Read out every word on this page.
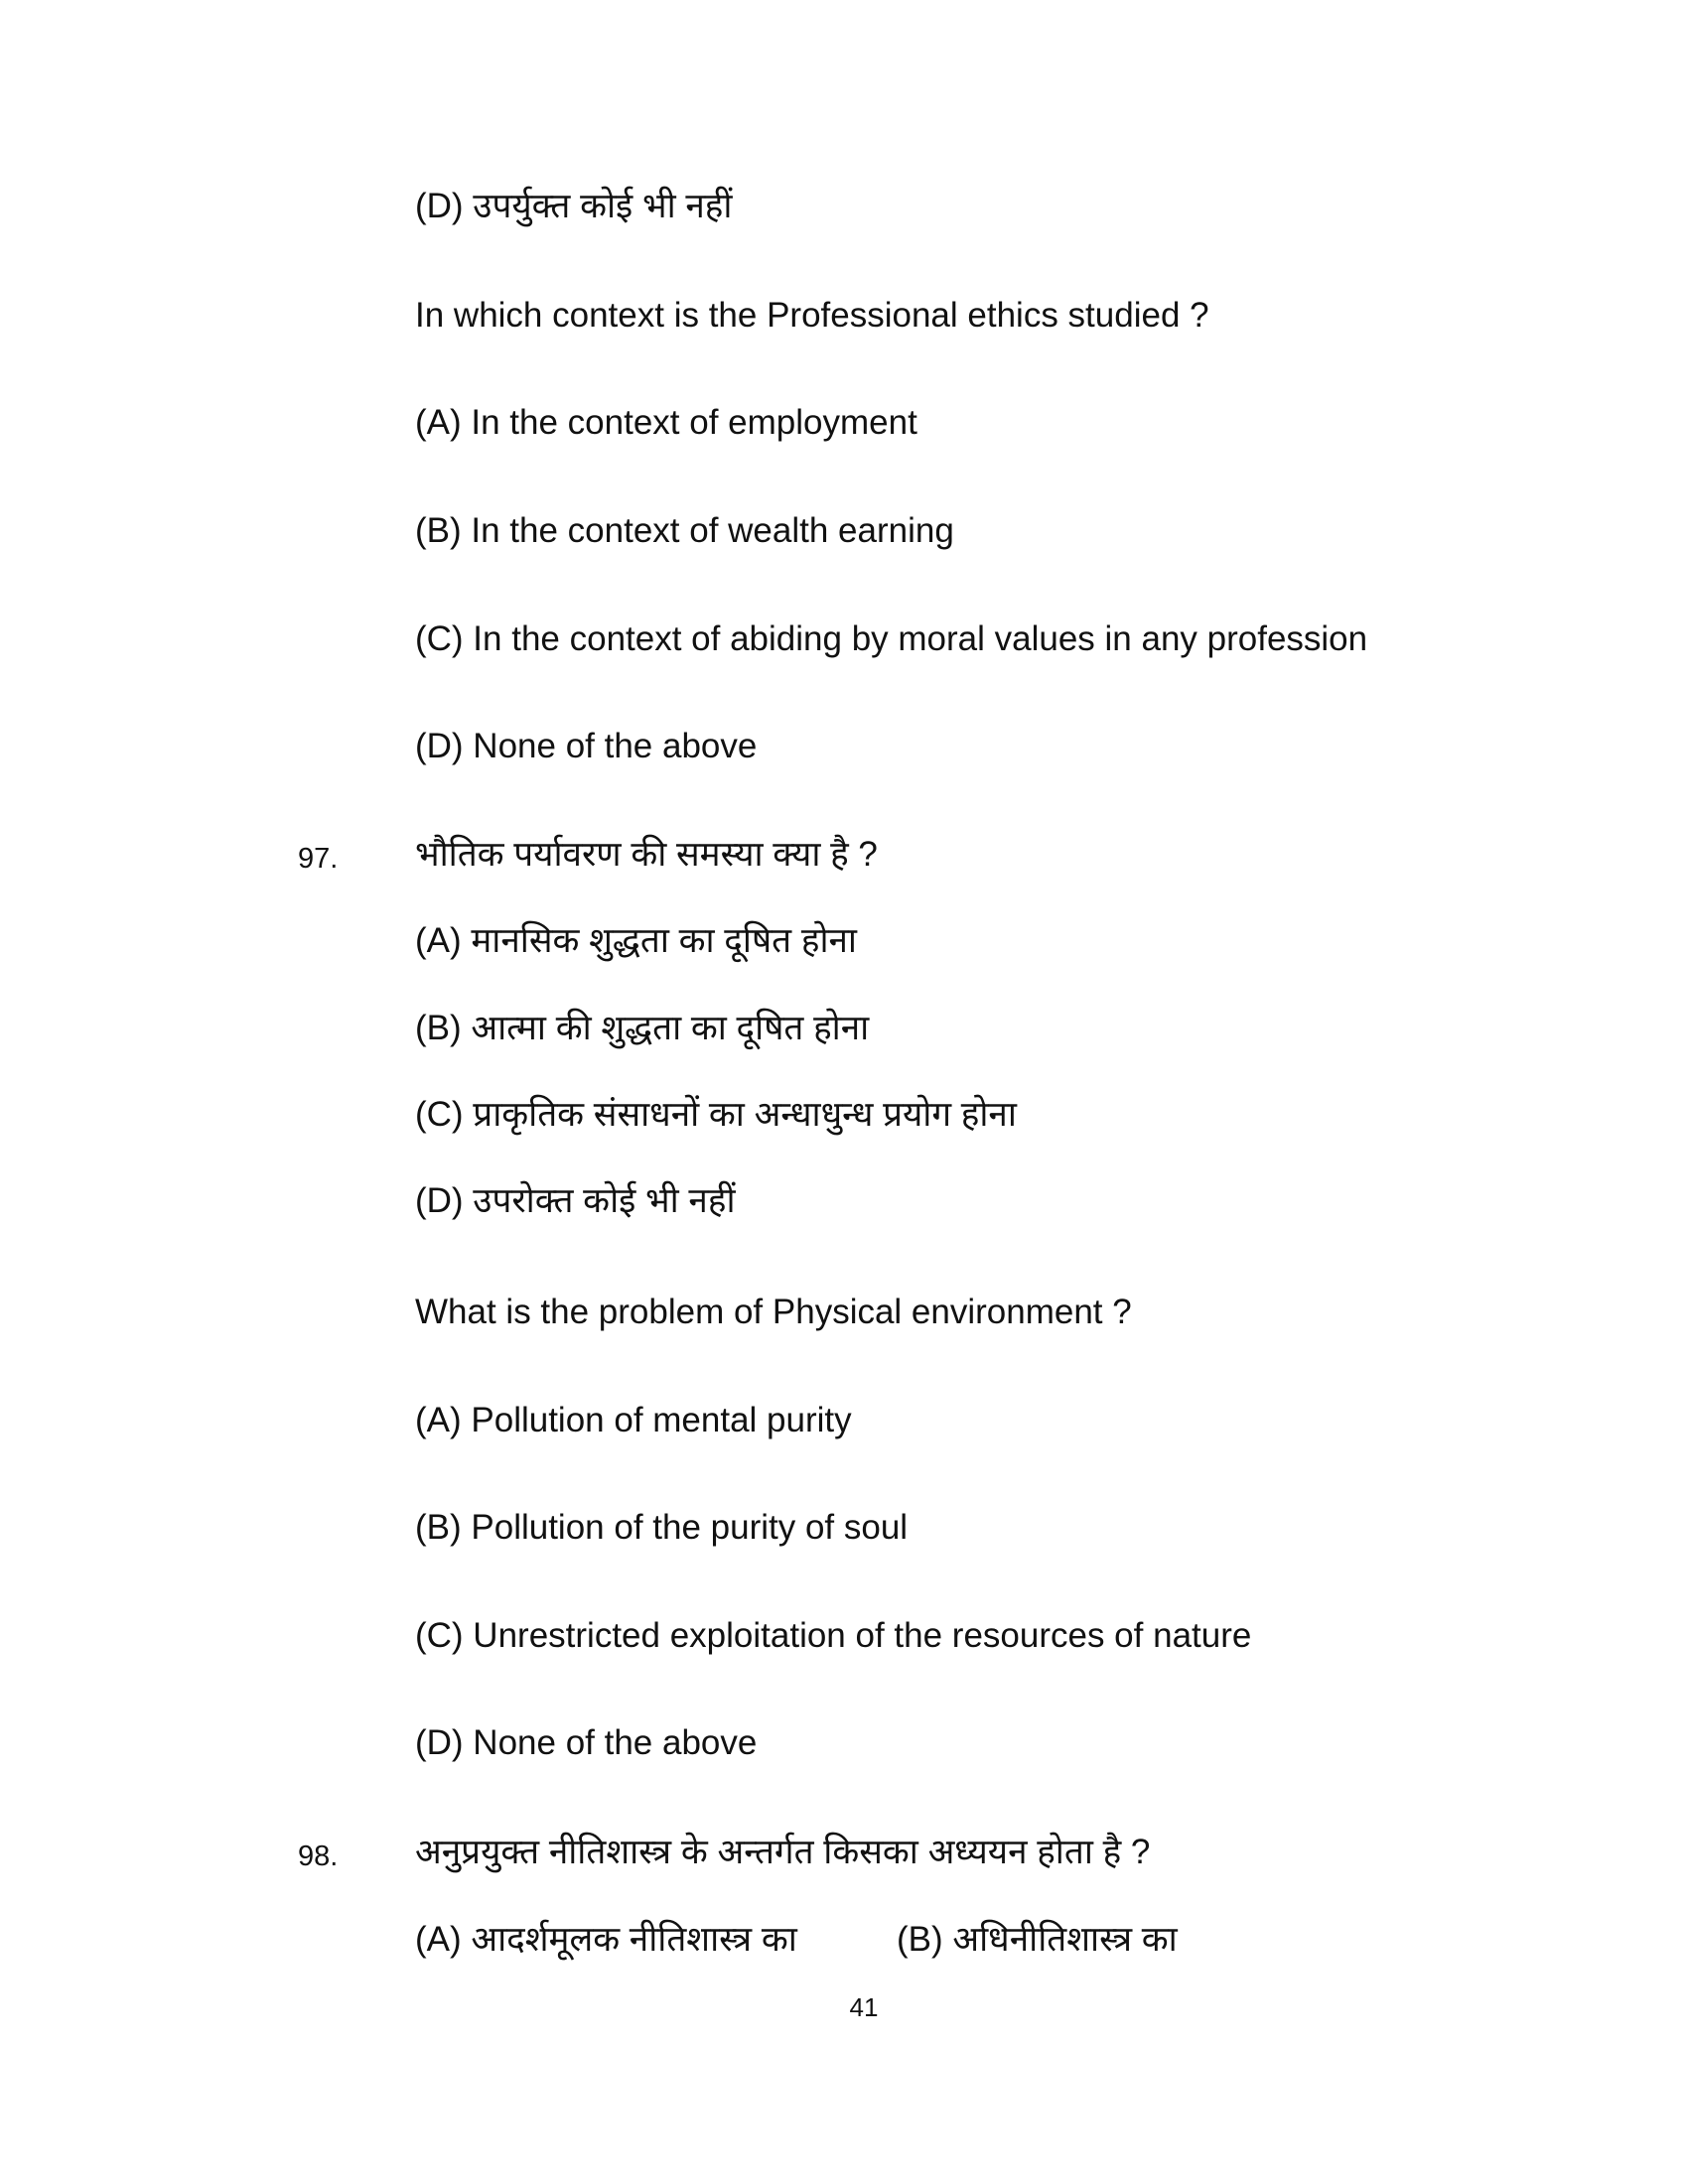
(D) उपर्युक्त कोई भी नहीं
In which context is the Professional ethics studied ?
(A) In the context of employment
(B) In the context of wealth earning
(C) In the context of abiding by moral values in any profession
(D) None of the above
97. भौतिक पर्यावरण की समस्या क्या है ?
(A) मानसिक शुद्धता का दूषित होना
(B) आत्मा की शुद्धता का दूषित होना
(C) प्राकृतिक संसाधनों का अन्धाधुन्ध प्रयोग होना
(D) उपरोक्त कोई भी नहीं
What is the problem of Physical environment ?
(A) Pollution of mental purity
(B) Pollution of the purity of soul
(C) Unrestricted exploitation of the resources of nature
(D) None of the above
98. अनुप्रयुक्त नीतिशास्त्र के अन्तर्गत किसका अध्ययन होता है ?
(A) आदर्शमूलक नीतिशास्त्र का	(B) अधिनीतिशास्त्र का
41
